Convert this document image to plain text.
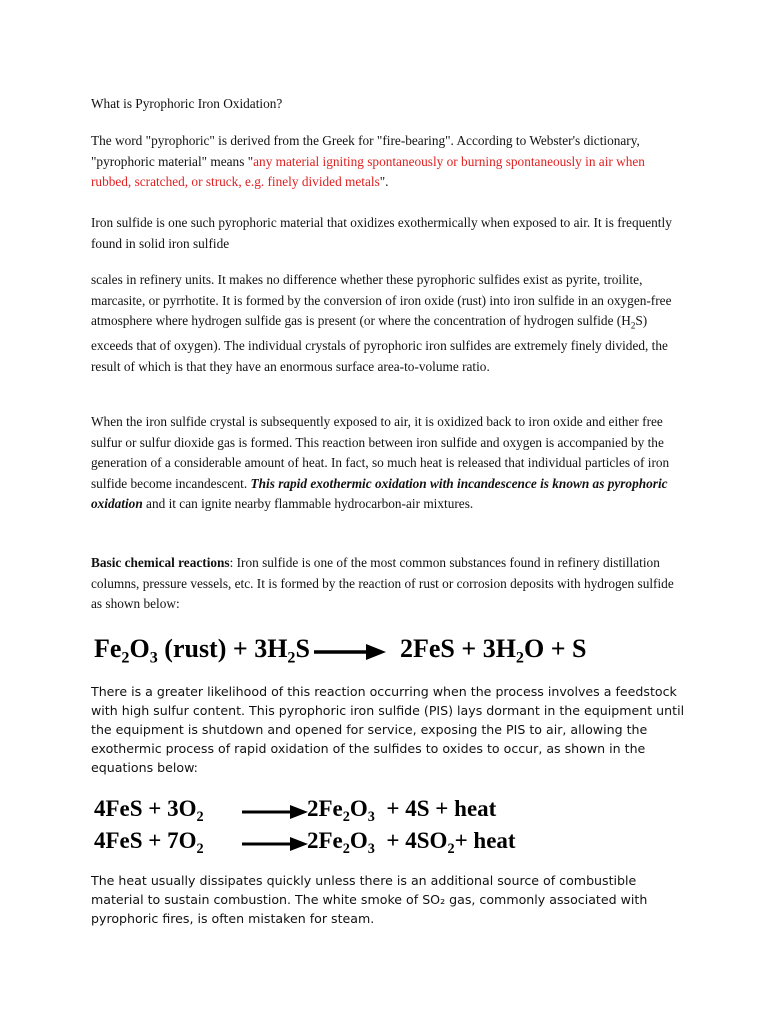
What is Pyrophoric Iron Oxidation?

The word "pyrophoric" is derived from the Greek for "fire-bearing". According to Webster's dictionary, "pyrophoric material" means "any material igniting spontaneously or burning spontaneously in air when rubbed, scratched, or struck, e.g. finely divided metals".

Iron sulfide is one such pyrophoric material that oxidizes exothermically when exposed to air. It is frequently found in solid iron sulfide

scales in refinery units. It makes no difference whether these pyrophoric sulfides exist as pyrite, troilite, marcasite, or pyrrhotite. It is formed by the conversion of iron oxide (rust) into iron sulfide in an oxygen-free atmosphere where hydrogen sulfide gas is present (or where the concentration of hydrogen sulfide $(H_2S)$ exceeds that of oxygen). The individual crystals of pyrophoric iron sulfides are extremely finely divided, the result of which is that they have an enormous surface area-to-volume ratio.

When the iron sulfide crystal is subsequently exposed to air, it is oxidized back to iron oxide and either free sulfur or sulfur dioxide gas is formed. This reaction between iron sulfide and oxygen is accompanied by the generation of a considerable amount of heat. In fact, so much heat is released that individual particles of iron sulfide become incandescent. This rapid exothermic oxidation with incandescence is known as pyrophoric oxidation and it can ignite nearby flammable hydrocarbon-air mixtures.

Basic chemical reactions: Iron sulfide is one of the most common substances found in refinery distillation columns, pressure vessels, etc. It is formed by the reaction of rust or corrosion deposits with hydrogen sulfide as shown below:

$Fe_2O_3$ (rust) + $3H_2S$	$2FeS + 3H_2O + S$

There is a greater likelihood of this reaction occurring when the process involves a feedstock with high sulfur content. This pyrophoric iron sulfide (PIS) lays dormant in the equipment until the equipment is shutdown and opened for service, exposing the PIS to air, allowing the exothermic process of rapid oxidation of the sulfides to oxides to occur, as shown in the equations below:

$4FeS + 3O_2$	$2Fe_2O_3 + 4S$ + heat
$4FeS + 7O_2$	$2Fe_2O_3 + 4SO_2+$ heat

The heat usually dissipates quickly unless there is an additional source of combustible material to sustain combustion. The white smoke of SO₂ gas, commonly associated with pyrophoric fires, is often mistaken for steam.
